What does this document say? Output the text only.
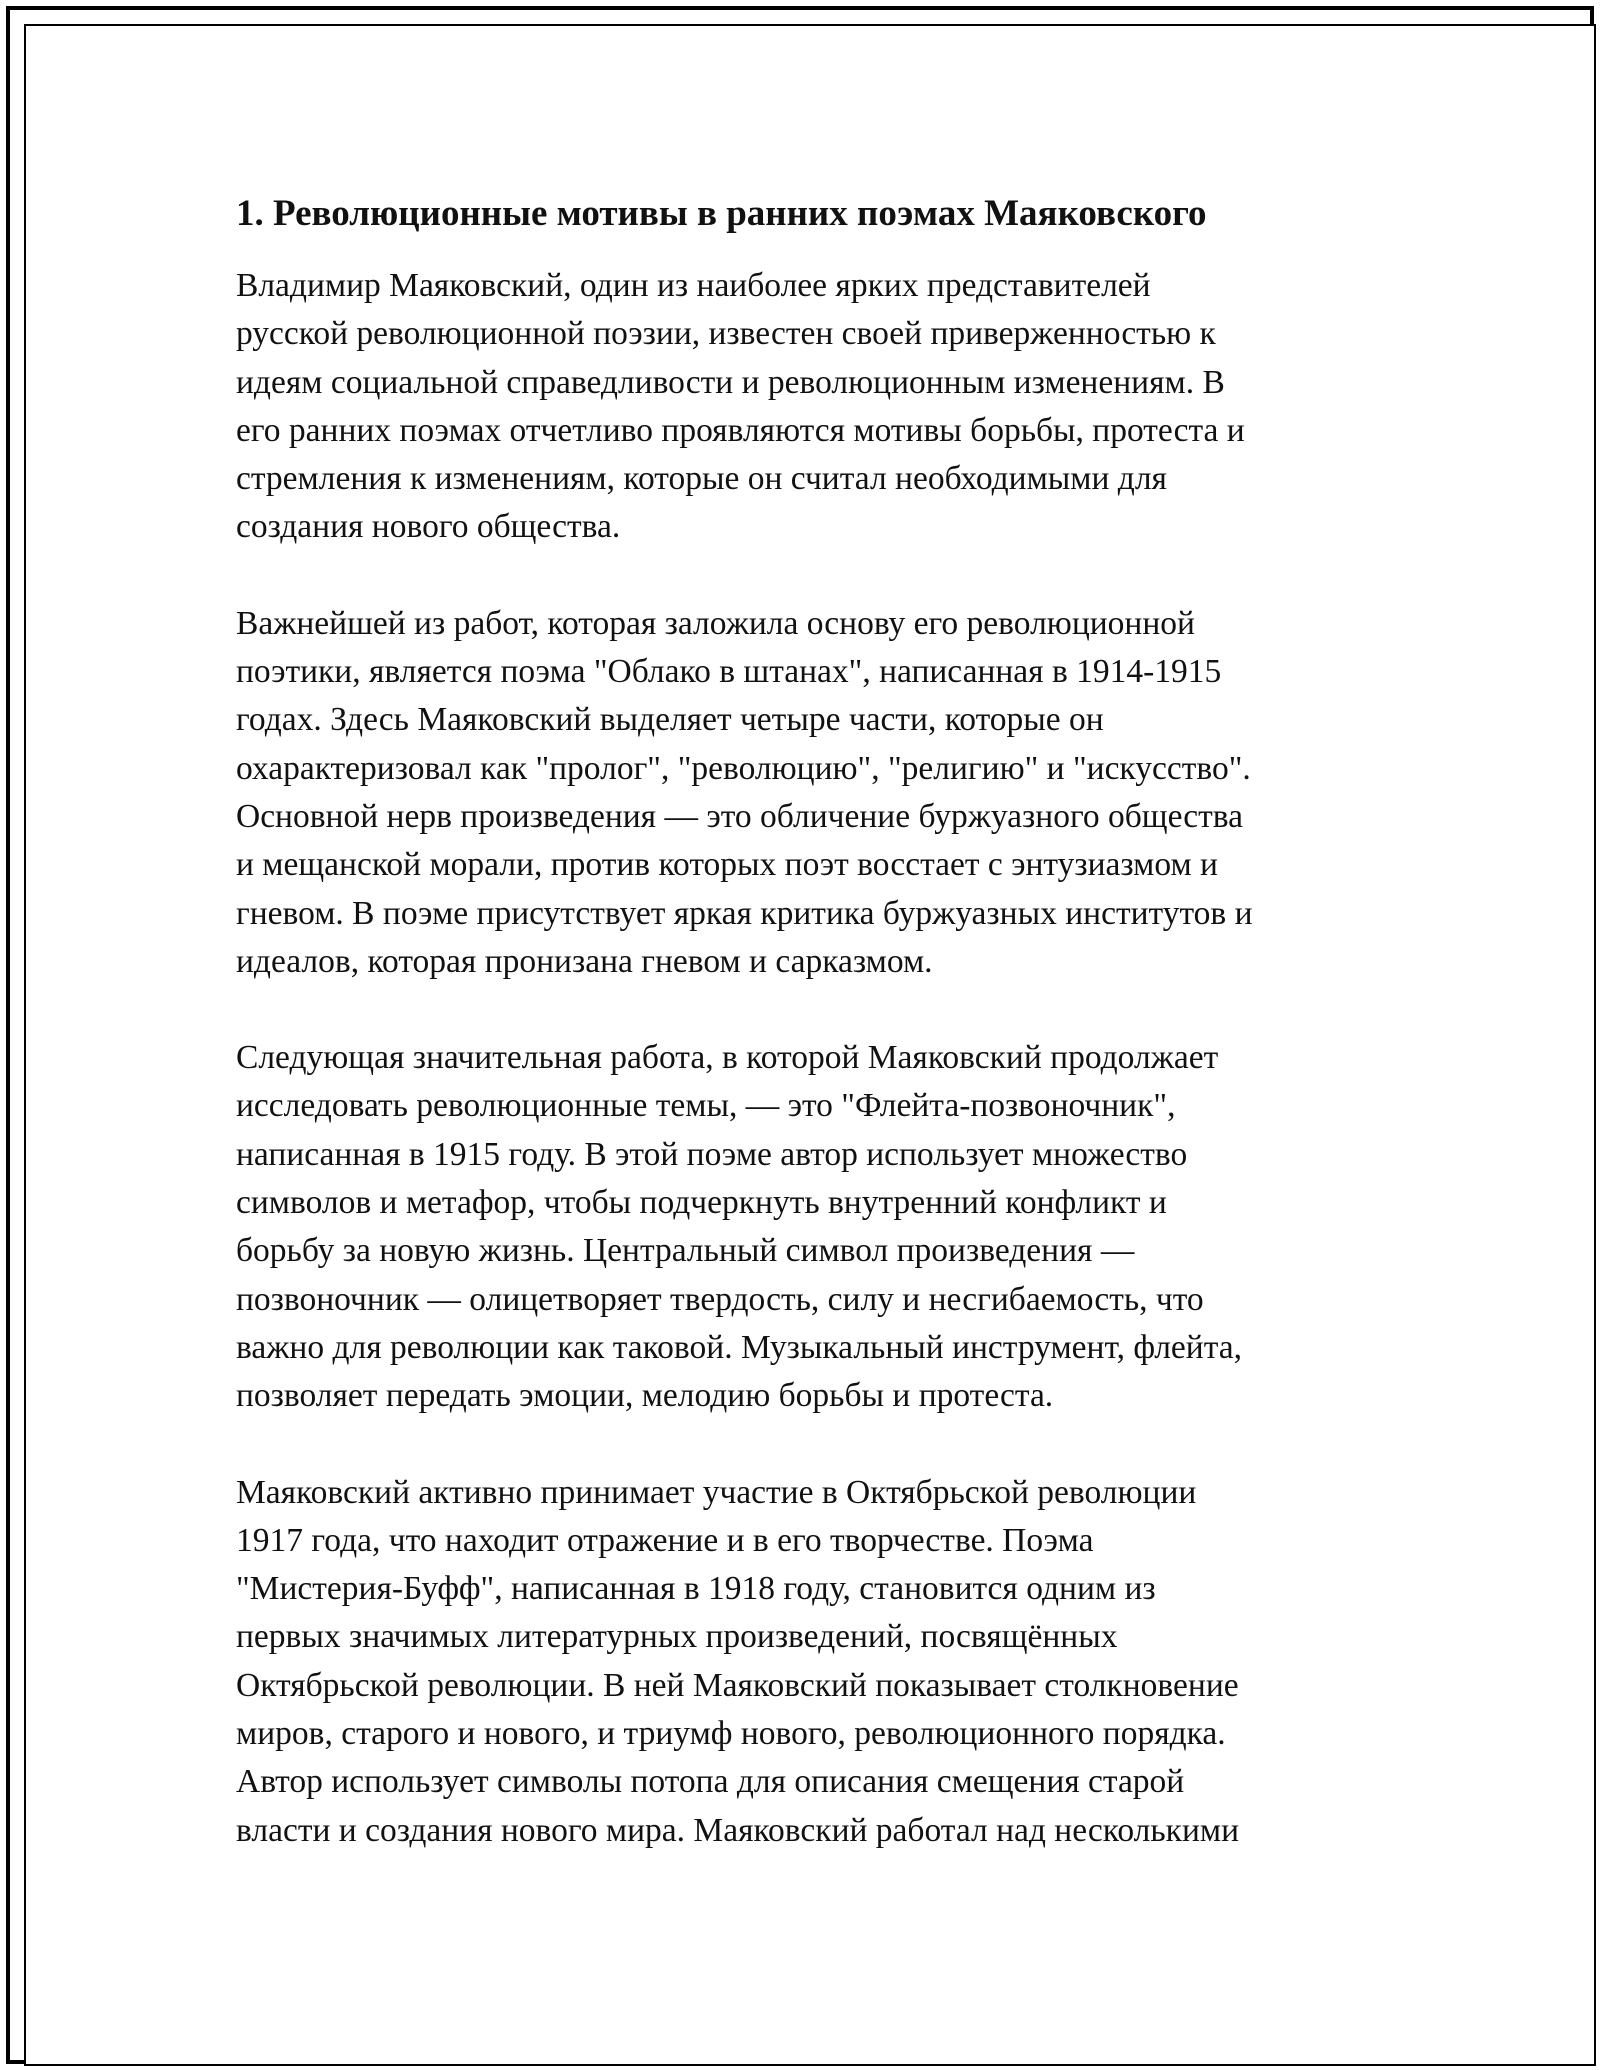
1. Революционные мотивы в ранних поэмах Маяковского
Владимир Маяковский, один из наиболее ярких представителей
русской революционной поэзии, известен своей приверженностью к
идеям социальной справедливости и революционным изменениям. В
его ранних поэмах отчетливо проявляются мотивы борьбы, протеста и
стремления к изменениям, которые он считал необходимыми для
создания нового общества.
Важнейшей из работ, которая заложила основу его революционной
поэтики, является поэма "Облако в штанах", написанная в 1914-1915
годах. Здесь Маяковский выделяет четыре части, которые он
охарактеризовал как "пролог", "революцию", "религию" и "искусство".
Основной нерв произведения — это обличение буржуазного общества
и мещанской морали, против которых поэт восстает с энтузиазмом и
гневом. В поэме присутствует яркая критика буржуазных институтов и
идеалов, которая пронизана гневом и сарказмом.
Следующая значительная работа, в которой Маяковский продолжает
исследовать революционные темы, — это "Флейта-позвоночник",
написанная в 1915 году. В этой поэме автор использует множество
символов и метафор, чтобы подчеркнуть внутренний конфликт и
борьбу за новую жизнь. Центральный символ произведения —
позвоночник — олицетворяет твердость, силу и несгибаемость, что
важно для революции как таковой. Музыкальный инструмент, флейта,
позволяет передать эмоции, мелодию борьбы и протеста.
Маяковский активно принимает участие в Октябрьской революции
1917 года, что находит отражение и в его творчестве. Поэма
"Мистерия-Буфф", написанная в 1918 году, становится одним из
первых значимых литературных произведений, посвящённых
Октябрьской революции. В ней Маяковский показывает столкновение
миров, старого и нового, и триумф нового, революционного порядка.
Автор использует символы потопа для описания смещения старой
власти и создания нового мира. Маяковский работал над несколькими
